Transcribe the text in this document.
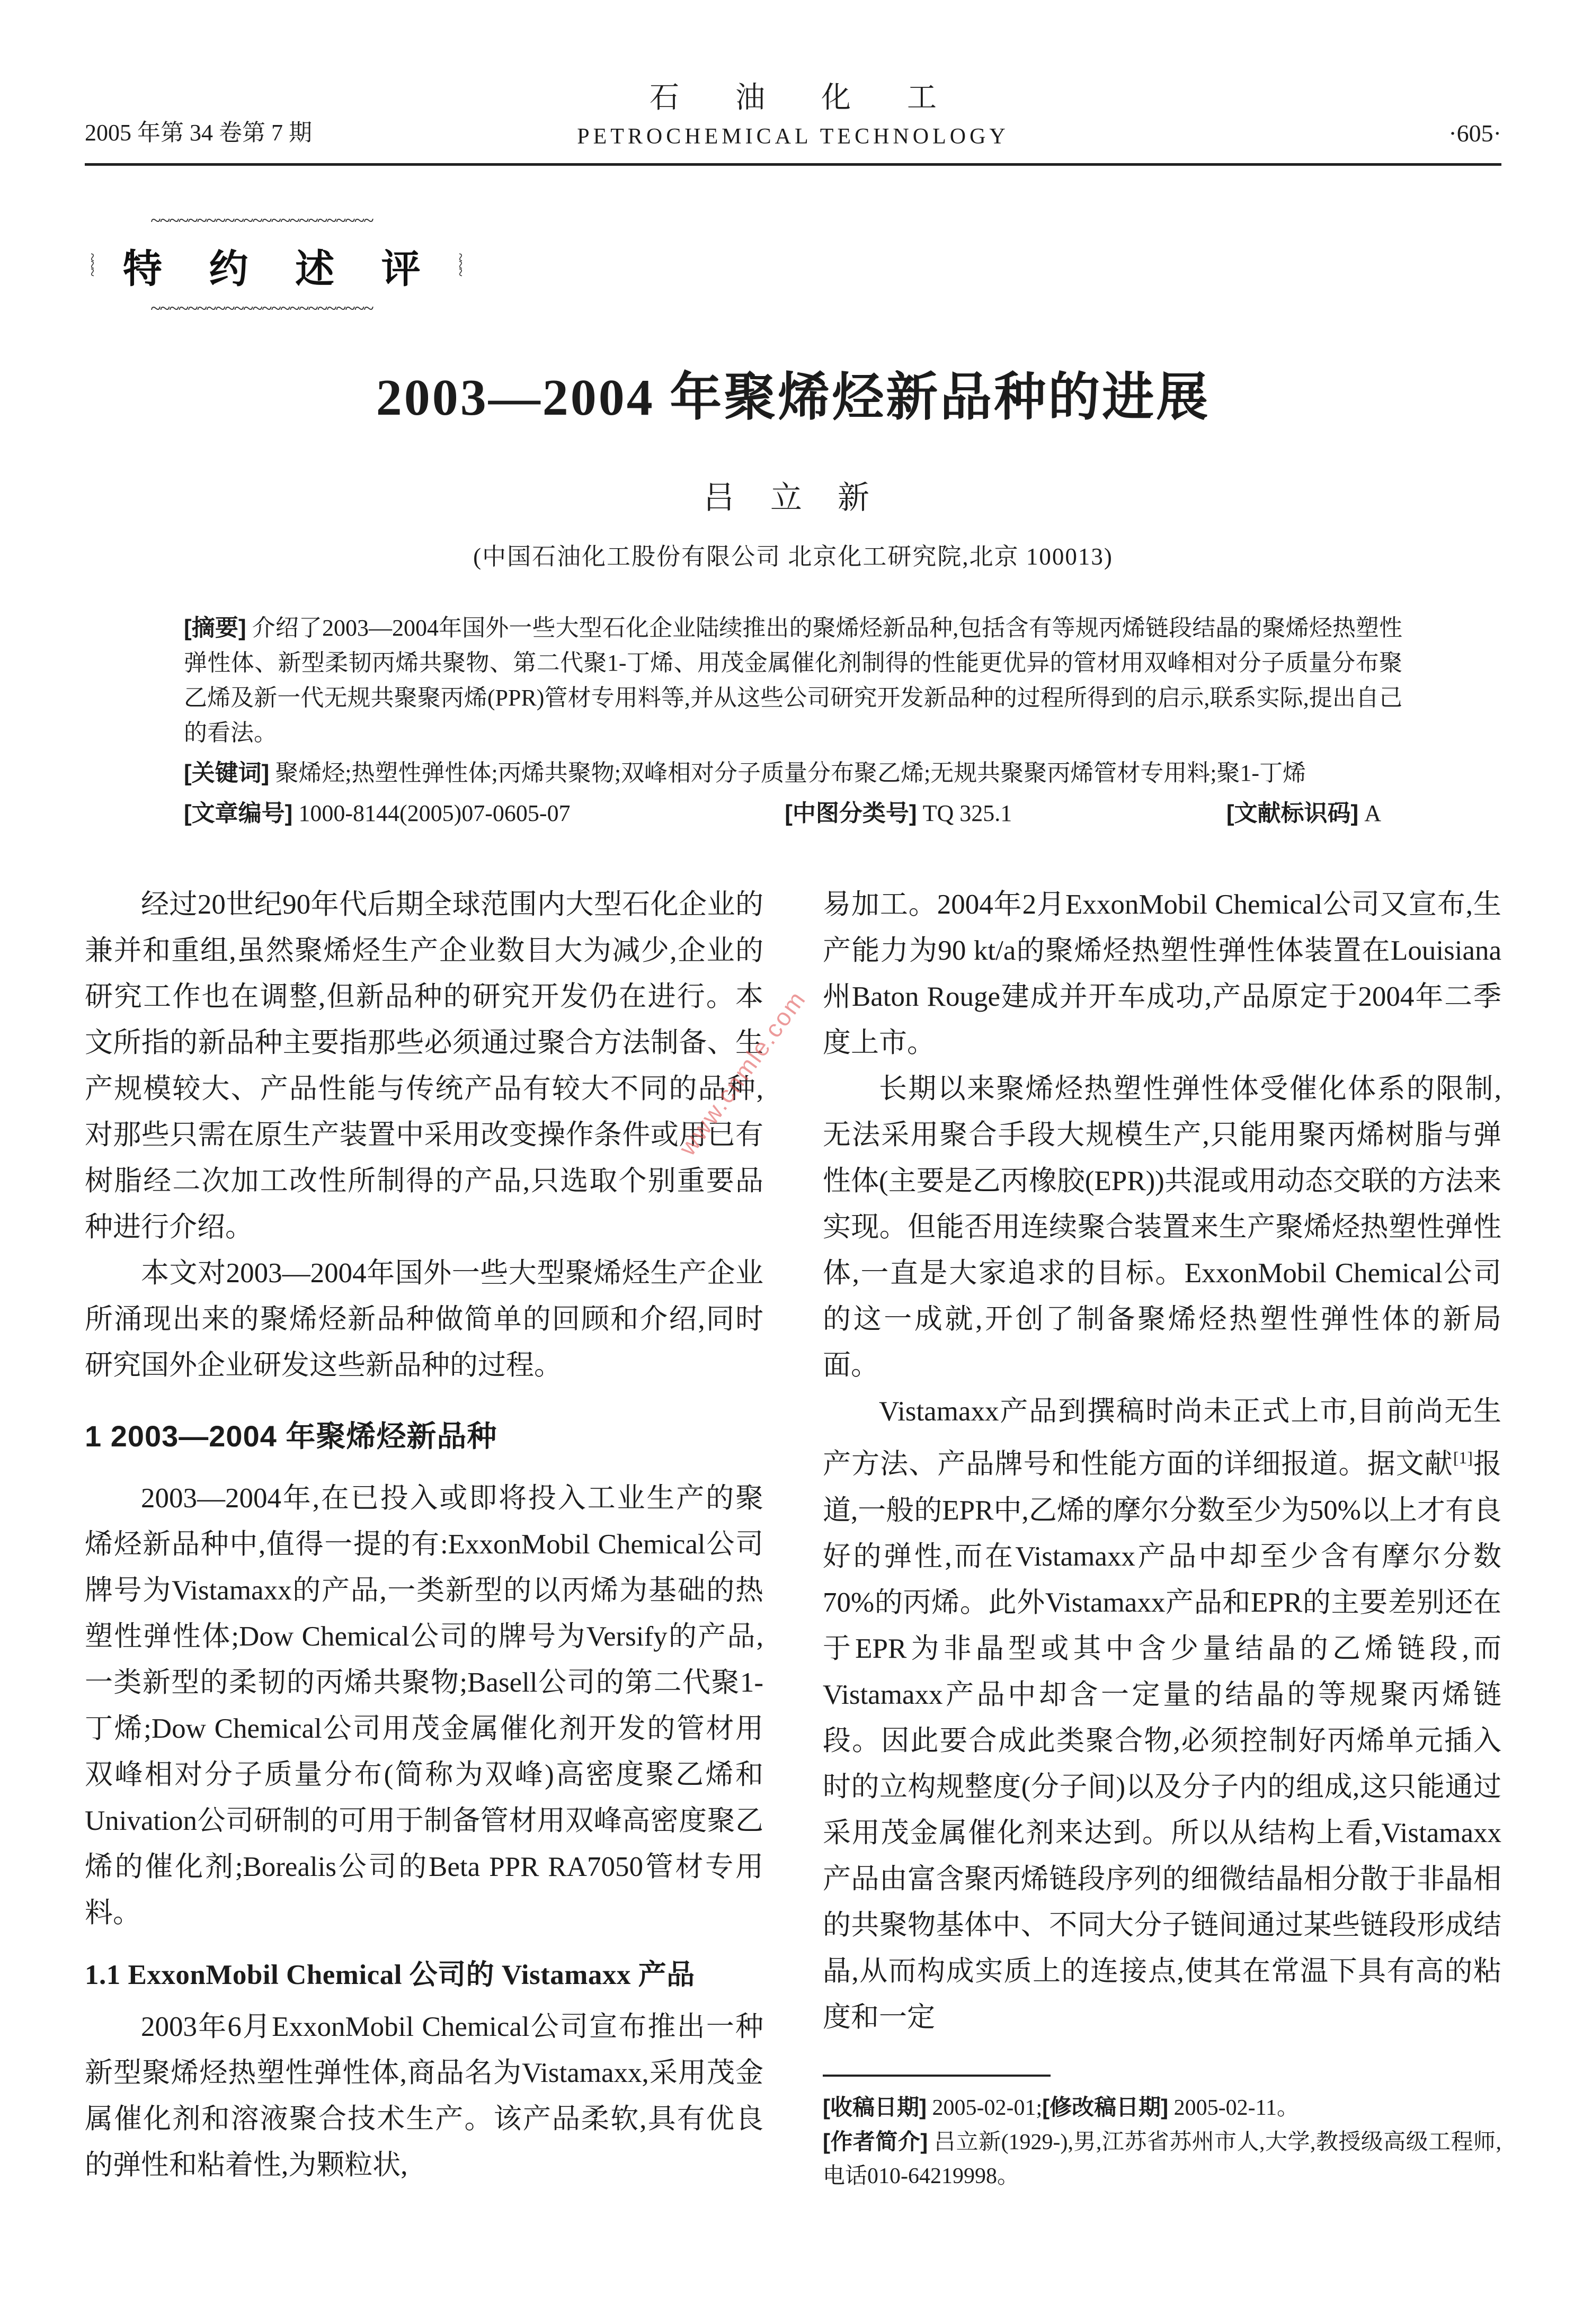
2005 年第 34 卷第 7 期
石 油 化 工
PETROCHEMICAL TECHNOLOGY	·605·
~~~~~~~~~~~~~~~~~~~~~~~~
特 约 述 评
~~~~~~~~~~~~~~~~~~~~~~~~
~~~	~~~
2003—2004 年聚烯烃新品种的进展
吕 立 新
(中国石油化工股份有限公司 北京化工研究院,北京 100013)

[摘要] 介绍了2003—2004年国外一些大型石化企业陆续推出的聚烯烃新品种,包括含有等规丙烯链段结晶的聚烯烃热塑性弹性体、新型柔韧丙烯共聚物、第二代聚1-丁烯、用茂金属催化剂制得的性能更优异的管材用双峰相对分子质量分布聚乙烯及新一代无规共聚聚丙烯(PPR)管材专用料等,并从这些公司研究开发新品种的过程所得到的启示,联系实际,提出自己的看法。

[关键词] 聚烯烃;热塑性弹性体;丙烯共聚物;双峰相对分子质量分布聚乙烯;无规共聚聚丙烯管材专用料;聚1-丁烯

[文章编号] 1000-8144(2005)07-0605-07	[中图分类号] TQ 325.1	[文献标识码] A

经过20世纪90年代后期全球范围内大型石化企业的兼并和重组,虽然聚烯烃生产企业数目大为减少,企业的研究工作也在调整,但新品种的研究开发仍在进行。本文所指的新品种主要指那些必须通过聚合方法制备、生产规模较大、产品性能与传统产品有较大不同的品种,对那些只需在原生产装置中采用改变操作条件或用已有树脂经二次加工改性所制得的产品,只选取个别重要品种进行介绍。

本文对2003—2004年国外一些大型聚烯烃生产企业所涌现出来的聚烯烃新品种做简单的回顾和介绍,同时研究国外企业研发这些新品种的过程。

1 2003—2004 年聚烯烃新品种

2003—2004年,在已投入或即将投入工业生产的聚烯烃新品种中,值得一提的有:ExxonMobil Chemical公司牌号为Vistamaxx的产品,一类新型的以丙烯为基础的热塑性弹性体;Dow Chemical公司的牌号为Versify的产品,一类新型的柔韧的丙烯共聚物;Basell公司的第二代聚1-丁烯;Dow Chemical公司用茂金属催化剂开发的管材用双峰相对分子质量分布(简称为双峰)高密度聚乙烯和Univation公司研制的可用于制备管材用双峰高密度聚乙烯的催化剂;Borealis公司的Beta PPR RA7050管材专用料。

1.1 ExxonMobil Chemical 公司的 Vistamaxx 产品

2003年6月ExxonMobil Chemical公司宣布推出一种新型聚烯烃热塑性弹性体,商品名为Vistamaxx,采用茂金属催化剂和溶液聚合技术生产。该产品柔软,具有优良的弹性和粘着性,为颗粒状,

易加工。2004年2月ExxonMobil Chemical公司又宣布,生产能力为90 kt/a的聚烯烃热塑性弹性体装置在Louisiana州Baton Rouge建成并开车成功,产品原定于2004年二季度上市。

长期以来聚烯烃热塑性弹性体受催化体系的限制,无法采用聚合手段大规模生产,只能用聚丙烯树脂与弹性体(主要是乙丙橡胶(EPR))共混或用动态交联的方法来实现。但能否用连续聚合装置来生产聚烯烃热塑性弹性体,一直是大家追求的目标。ExxonMobil Chemical公司的这一成就,开创了制备聚烯烃热塑性弹性体的新局面。

Vistamaxx产品到撰稿时尚未正式上市,目前尚无生产方法、产品牌号和性能方面的详细报道。据文献[1]报道,一般的EPR中,乙烯的摩尔分数至少为50%以上才有良好的弹性,而在Vistamaxx产品中却至少含有摩尔分数70%的丙烯。此外Vistamaxx产品和EPR的主要差别还在于EPR为非晶型或其中含少量结晶的乙烯链段,而Vistamaxx产品中却含一定量的结晶的等规聚丙烯链段。因此要合成此类聚合物,必须控制好丙烯单元插入时的立构规整度(分子间)以及分子内的组成,这只能通过采用茂金属催化剂来达到。所以从结构上看,Vistamaxx产品由富含聚丙烯链段序列的细微结晶相分散于非晶相的共聚物基体中、不同大分子链间通过某些链段形成结晶,从而构成实质上的连接点,使其在常温下具有高的粘度和一定

[收稿日期] 2005-02-01;[修改稿日期] 2005-02-11。

[作者简介] 吕立新(1929-),男,江苏省苏州市人,大学,教授级高级工程师,电话010-64219998。

www.cnmle.com
